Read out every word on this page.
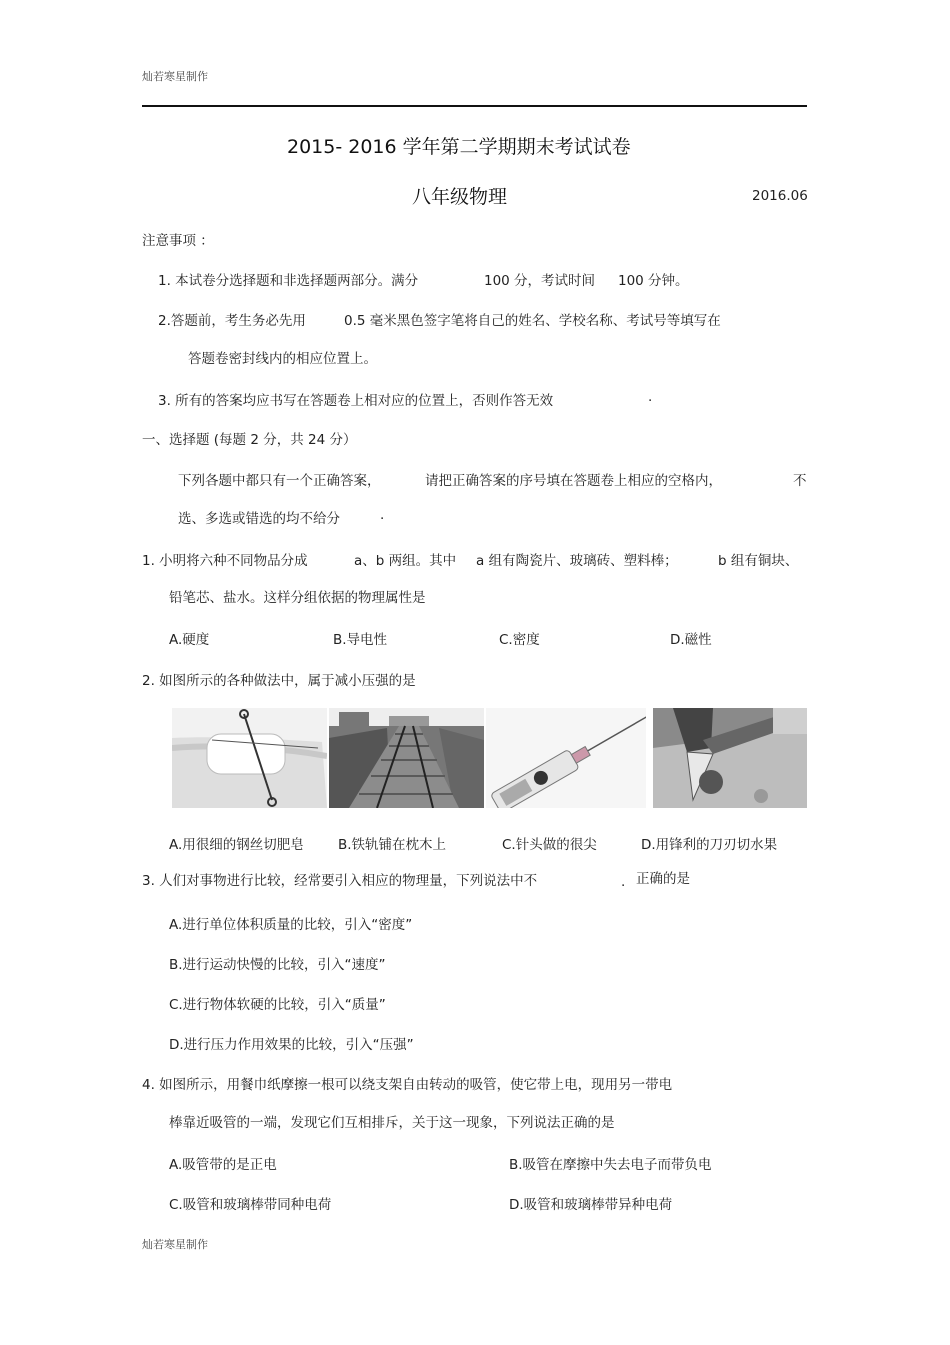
灿若寒星制作
2015- 2016 学年第二学期期末考试试卷
八年级物理	2016.06
注意事项 ：
1. 本试卷分选择题和非选择题两部分。满分	100 分，考试时间 100 分钟。
2.答题前，考生务必先用	0.5 毫米黑色签字笔将自己的姓名、学校名称、考试号等填写在
答题卷密封线内的相应位置上。
3. 所有的答案均应书写在答题卷上相对应的位置上，否则作答无效	.
一、选择题 (每题 2 分，共 24 分）
下列各题中都只有一个正确答案，	请把正确答案的序号填在答题卷上相应的空格内，	不
选、多选或错选的均不给分	.
1. 小明将六种不同物品分成	a、b 两组。其中 a 组有陶瓷片、玻璃砖、塑料棒；	b 组有铜块、
铅笔芯、盐水。这样分组依据的物理属性是
A.硬度	B.导电性	C.密度	D.磁性
2. 如图所示的各种做法中，属于减小压强的是
A.用很细的钢丝切肥皂	B.铁轨铺在枕木上	C.针头做的很尖	D.用锋利的刀刃切水果
3. 人们对事物进行比较，经常要引入相应的物理量，下列说法中不	. 正确的是
A.进行单位体积质量的比较，引入“密度”
B.进行运动快慢的比较，引入“速度”
C.进行物体软硬的比较，引入“质量”
D.进行压力作用效果的比较，引入“压强”
4. 如图所示，用餐巾纸摩擦一根可以绕支架自由转动的吸管，使它带上电，现用另一带电
棒靠近吸管的一端，发现它们互相排斥，关于这一现象，下列说法正确的是
A.吸管带的是正电	B.吸管在摩擦中失去电子而带负电
C.吸管和玻璃棒带同种电荷	D.吸管和玻璃棒带异种电荷
灿若寒星制作
